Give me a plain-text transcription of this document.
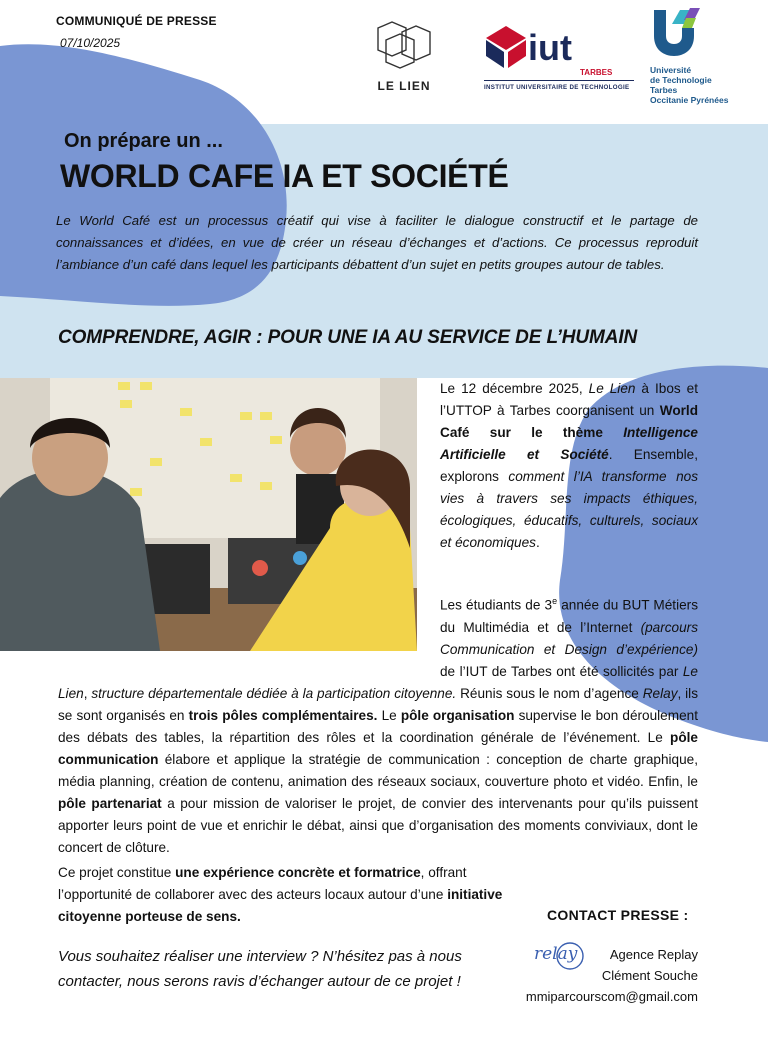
COMMUNIQUÉ DE PRESSE
07/10/2025
LE LIEN
iut
TARBES
INSTITUT UNIVERSITAIRE DE TECHNOLOGIE
Université
de Technologie
Tarbes
Occitanie Pyrénées
On prépare un ...
WORLD CAFE IA ET SOCIÉTÉ
Le World Café est un processus créatif qui vise à faciliter le dialogue constructif et le partage de connaissances et d’idées, en vue de créer un réseau d’échanges et d’actions. Ce processus reproduit l’ambiance d’un café dans lequel les participants débattent d’un sujet en petits groupes autour de tables.
COMPRENDRE, AGIR : POUR UNE IA AU SERVICE DE L’HUMAIN
Le 12 décembre 2025, Le Lien à Ibos et l’UTTOP à Tarbes coorganisent un World Café sur le thème Intelligence Artificielle et Société. Ensemble, explorons comment l’IA transforme nos vies à travers ses impacts éthiques, écologiques, éducatifs, culturels, sociaux et économiques.
Les étudiants de 3e année du BUT Métiers du Multimédia et de l’Internet (parcours Communication et Design d’expérience) de l’IUT de Tarbes ont été sollicités par Le Lien, structure départementale dédiée à la participation citoyenne. Réunis sous le nom d’agence Relay, ils se sont organisés en trois pôles complémentaires. Le pôle organisation supervise le bon déroulement des débats des tables, la répartition des rôles et la coordination générale de l’événement. Le pôle communication élabore et applique la stratégie de communication : conception de charte graphique, média planning, création de contenu, animation des réseaux sociaux, couverture photo et vidéo. Enfin, le pôle partenariat a pour mission de valoriser le projet, de convier des intervenants pour qu’ils puissent apporter leurs point de vue et enrichir le débat, ainsi que d’organisation des moments conviviaux, dont le concert de clôture.
Ce projet constitue une expérience concrète et formatrice, offrant l’opportunité de collaborer avec des acteurs locaux autour d’une initiative citoyenne porteuse de sens.
Vous souhaitez réaliser une interview ? N’hésitez pas à nous contacter, nous serons ravis d’échanger autour de ce projet !
CONTACT PRESSE :
relay	Agence Replay
Clément Souche
mmiparcourscom@gmail.com
